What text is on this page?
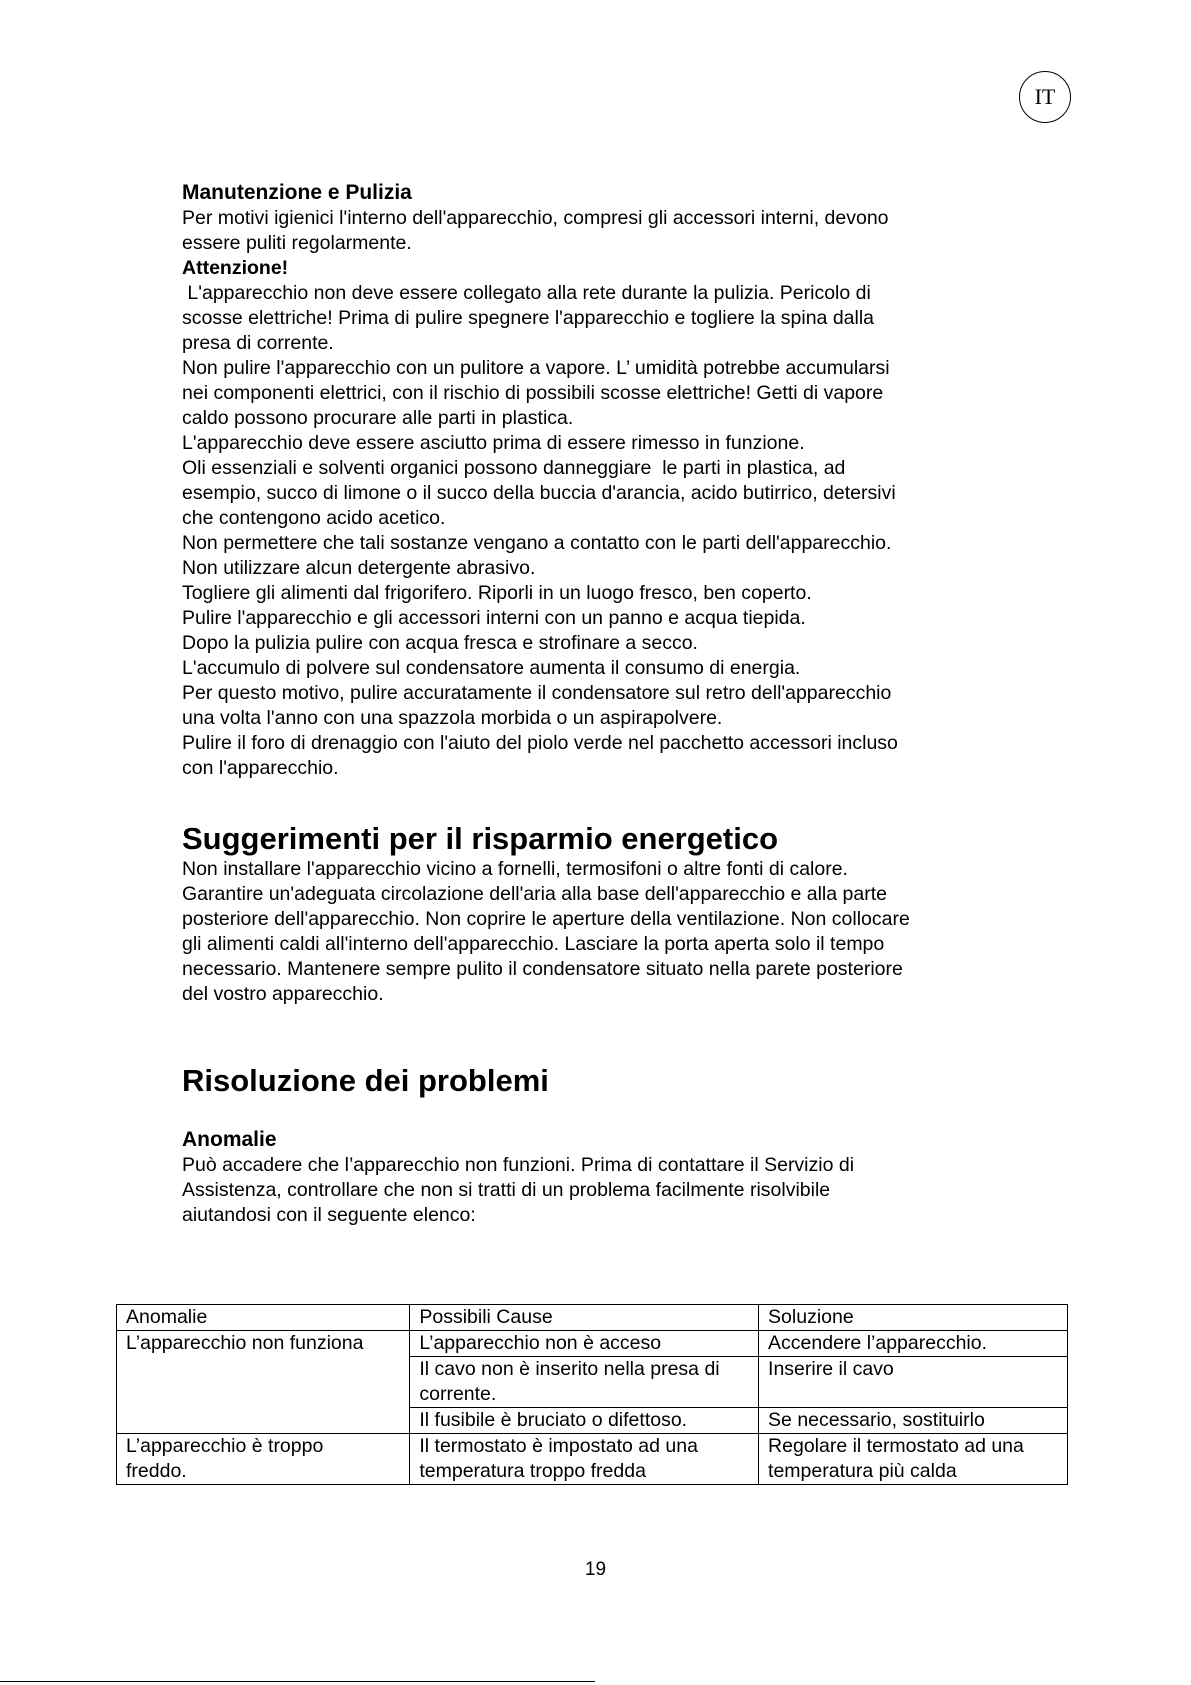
IT
Manutenzione e Pulizia

Per motivi igienici l'interno dell'apparecchio, compresi gli accessori interni, devono

essere puliti regolarmente.

Attenzione!

L'apparecchio non deve essere collegato alla rete durante la pulizia. Pericolo di

scosse elettriche! Prima di pulire spegnere l'apparecchio e togliere la spina dalla

presa di corrente.

Non pulire l'apparecchio con un pulitore a vapore. L’ umidità potrebbe accumularsi

nei componenti elettrici, con il rischio di possibili scosse elettriche! Getti di vapore

caldo possono procurare alle parti in plastica.

L'apparecchio deve essere asciutto prima di essere rimesso in funzione.

Oli essenziali e solventi organici possono danneggiare  le parti in plastica, ad

esempio, succo di limone o il succo della buccia d'arancia, acido butirrico, detersivi

che contengono acido acetico.

Non permettere che tali sostanze vengano a contatto con le parti dell'apparecchio.

Non utilizzare alcun detergente abrasivo.

Togliere gli alimenti dal frigorifero. Riporli in un luogo fresco, ben coperto.

Pulire l'apparecchio e gli accessori interni con un panno e acqua tiepida.

Dopo la pulizia pulire con acqua fresca e strofinare a secco.

L'accumulo di polvere sul condensatore aumenta il consumo di energia.

Per questo motivo, pulire accuratamente il condensatore sul retro dell'apparecchio

una volta l'anno con una spazzola morbida o un aspirapolvere.

Pulire il foro di drenaggio con l'aiuto del piolo verde nel pacchetto accessori incluso

con l'apparecchio.

Suggerimenti per il risparmio energetico

Non installare l'apparecchio vicino a fornelli, termosifoni o altre fonti di calore.

Garantire un'adeguata circolazione dell'aria alla base dell'apparecchio e alla parte

posteriore dell'apparecchio. Non coprire le aperture della ventilazione. Non collocare

gli alimenti caldi all'interno dell'apparecchio. Lasciare la porta aperta solo il tempo

necessario. Mantenere sempre pulito il condensatore situato nella parete posteriore

del vostro apparecchio.

Risoluzione dei problemi
Anomalie

Può accadere che l’apparecchio non funzioni. Prima di contattare il Servizio di

Assistenza, controllare che non si tratti di un problema facilmente risolvibile

aiutandosi con il seguente elenco:

Anomalie	Possibili Cause	Soluzione
L’apparecchio non funziona	L’apparecchio non è acceso	Accendere l’apparecchio.
	Il cavo non è inserito nella presa di corrente.	Inserire il cavo
	Il fusibile è bruciato o difettoso.	Se necessario, sostituirlo
L’apparecchio è troppo freddo.	Il termostato è impostato ad una temperatura troppo fredda	Regolare il termostato ad una temperatura più calda
19
